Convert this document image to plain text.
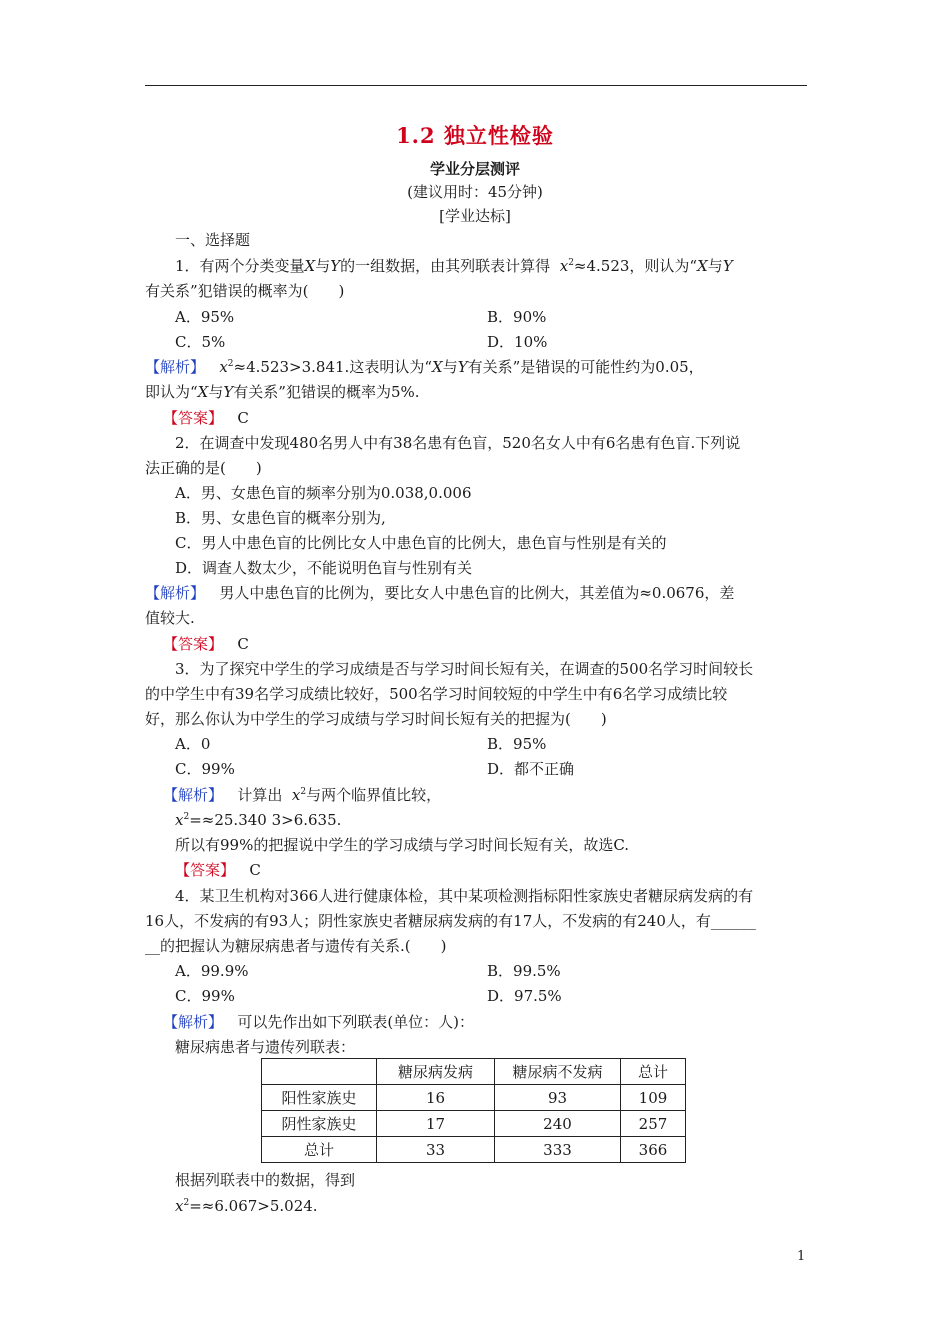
1.2 独立性检验
学业分层测评
(建议用时：45分钟)
[学业达标]
一、选择题
1．有两个分类变量X与Y的一组数据，由其列联表计算得 $x^2\approx 4.523$，则认为“X与Y
有关系”犯错误的概率为(　　)
A．95%	B．90%
C．5%	D．10%
【解析】 $x^2\approx 4.523>3.841$.这表明认为“X与Y有关系”是错误的可能性约为0.05，
即认为“X与Y有关系”犯错误的概率为5%.
【答案】 C
2．在调查中发现480名男人中有38名患有色盲，520名女人中有6名患有色盲.下列说
法正确的是(　　)
A．男、女患色盲的频率分别为0.038,0.006
B．男、女患色盲的概率分别为,
C．男人中患色盲的比例比女人中患色盲的比例大，患色盲与性别是有关的
D．调查人数太少，不能说明色盲与性别有关
【解析】 男人中患色盲的比例为，要比女人中患色盲的比例大，其差值为≈0.0676，差
值较大.
【答案】 C
3．为了探究中学生的学习成绩是否与学习时间长短有关，在调查的500名学习时间较长
的中学生中有39名学习成绩比较好，500名学习时间较短的中学生中有6名学习成绩比较
好，那么你认为中学生的学习成绩与学习时间长短有关的把握为(　　)
A．0	B．95%
C．99%	D．都不正确
【解析】 计算出 $x^2$与两个临界值比较，
$x^2=\approx 25.340$ 3>6.635.
所以有99%的把握说中学生的学习成绩与学习时间长短有关，故选C.
【答案】 C
4．某卫生机构对366人进行健康体检，其中某项检测指标阳性家族史者糖尿病发病的有
16人，不发病的有93人；阴性家族史者糖尿病发病的有17人，不发病的有240人，有______
__的把握认为糖尿病患者与遗传有关系.(　　)
A．99.9%	B．99.5%
C．99%	D．97.5%
【解析】 可以先作出如下列联表(单位：人)：
糖尿病患者与遗传列联表：
	糖尿病发病	糖尿病不发病	总计
阳性家族史	16	93	109
阴性家族史	17	240	257
总计	33	333	366
根据列联表中的数据，得到
$x^2=\approx 6.067>5.024$.
1
